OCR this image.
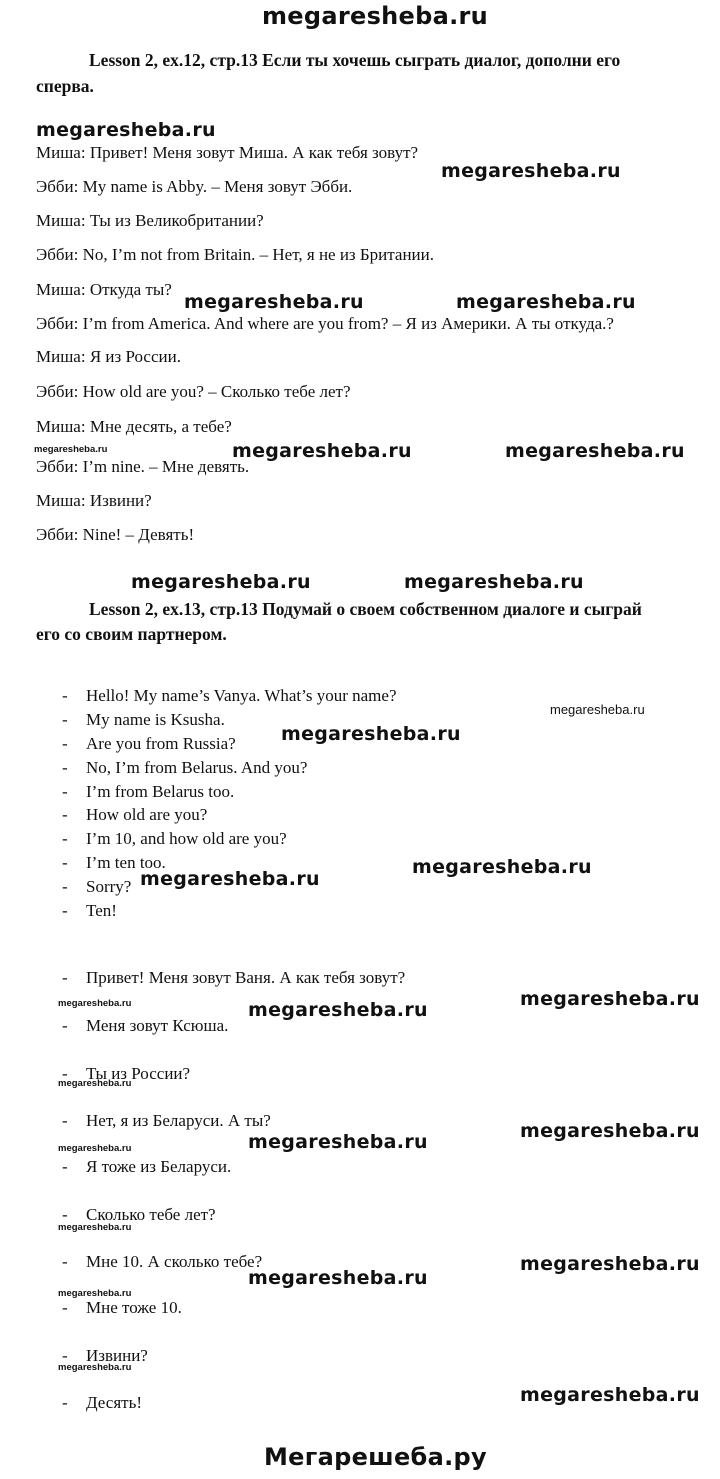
megaresheba.ru
Lesson 2, ex.12, стр.13 Если ты хочешь сыграть диалог, дополни его
сперва.
Миша: Привет! Меня зовут Миша. А как тебя зовут?
Эбби: My name is Abby. – Меня зовут Эбби.
Миша: Ты из Великобритании?
Эбби: No, I’m not from Britain. – Нет, я не из Британии.
Миша: Откуда ты?
Эбби: I’m from America. And where are you from? – Я из Америки. А ты откуда.?
Миша: Я из России.
Эбби: How old are you? – Сколько тебе лет?
Миша: Мне десять, а тебе?
Эбби: I’m nine. – Мне девять.
Миша: Извини?
Эбби: Nine! – Девять!
Lesson 2, ex.13, стр.13 Подумай о своем собственном диалоге и сыграй
его со своим партнером.
- Hello! My name’s Vanya. What’s your name?
- My name is Ksusha.
- Are you from Russia?
- No, I’m from Belarus. And you?
- I’m from Belarus too.
- How old are you?
- I’m 10, and how old are you?
- I’m ten too.
- Sorry?
- Ten!
- Привет! Меня зовут Ваня. А как тебя зовут?
- Меня зовут Ксюша.
- Ты из России?
- Нет, я из Беларуси. А ты?
- Я тоже из Беларуси.
- Сколько тебе лет?
- Мне 10. А сколько тебе?
- Мне тоже 10.
- Извини?
- Десять!
megaresheba.ru
megaresheba.ru
megaresheba.ru	megaresheba.ru
megaresheba.ru	megaresheba.ru	megaresheba.ru
megaresheba.ru	megaresheba.ru
megaresheba.ru
megaresheba.ru
megaresheba.ru
megaresheba.ru
megaresheba.ru
megaresheba.ru	megaresheba.ru
megaresheba.ru
megaresheba.ru
megaresheba.ru	megaresheba.ru
megaresheba.ru
megaresheba.ru
megaresheba.ru
megaresheba.ru
megaresheba.ru
megaresheba.ru
Мегарешеба.ру
